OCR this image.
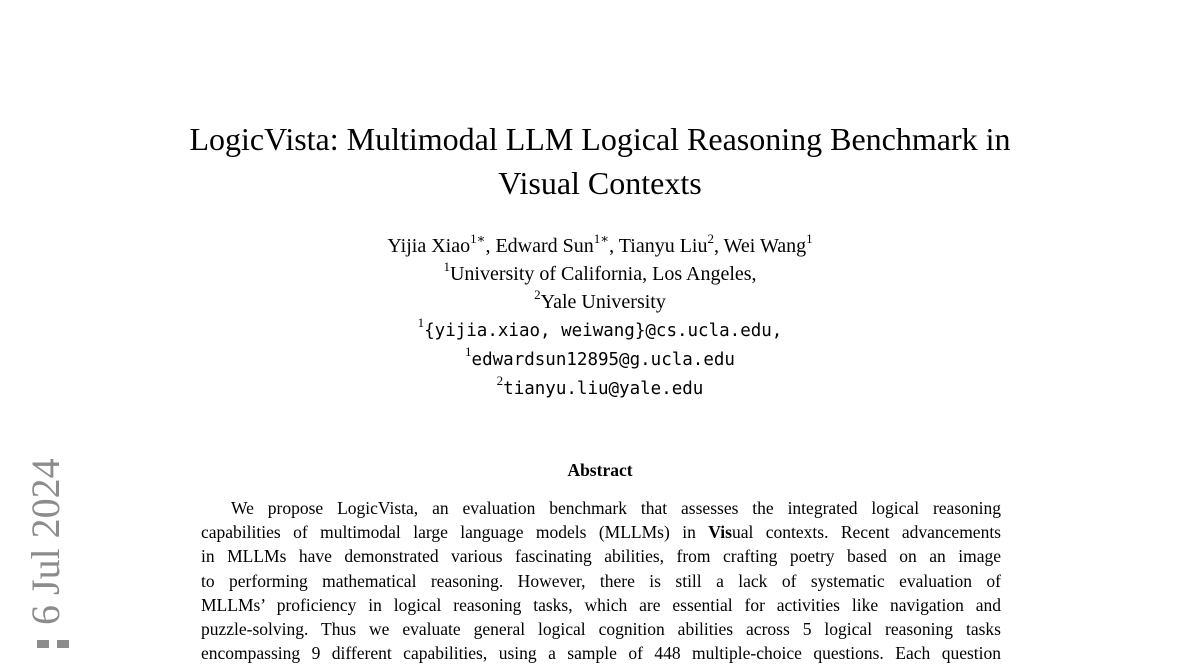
LogicVista: Multimodal LLM Logical Reasoning Benchmark in
Visual Contexts
Yijia Xiao$^{1∗}$, Edward Sun$^{1∗}$, Tianyu Liu$^2$, Wei Wang$^1$
$^1$University of California, Los Angeles,
$^2$Yale University
$^1${yijia.xiao, weiwang}@cs.ucla.edu,
$^1$edwardsun12895@g.ucla.edu
$^2$tianyu.liu@yale.edu
Abstract
We propose LogicVista, an evaluation benchmark that assesses the integrated logical reasoning
capabilities of multimodal large language models (MLLMs) in Visual contexts. Recent advancements
in MLLMs have demonstrated various fascinating abilities, from crafting poetry based on an image
to performing mathematical reasoning. However, there is still a lack of systematic evaluation of
MLLMs’ proficiency in logical reasoning tasks, which are essential for activities like navigation and
puzzle-solving. Thus we evaluate general logical cognition abilities across 5 logical reasoning tasks
encompassing 9 different capabilities, using a sample of 448 multiple-choice questions. Each question
6 Jul 2024
